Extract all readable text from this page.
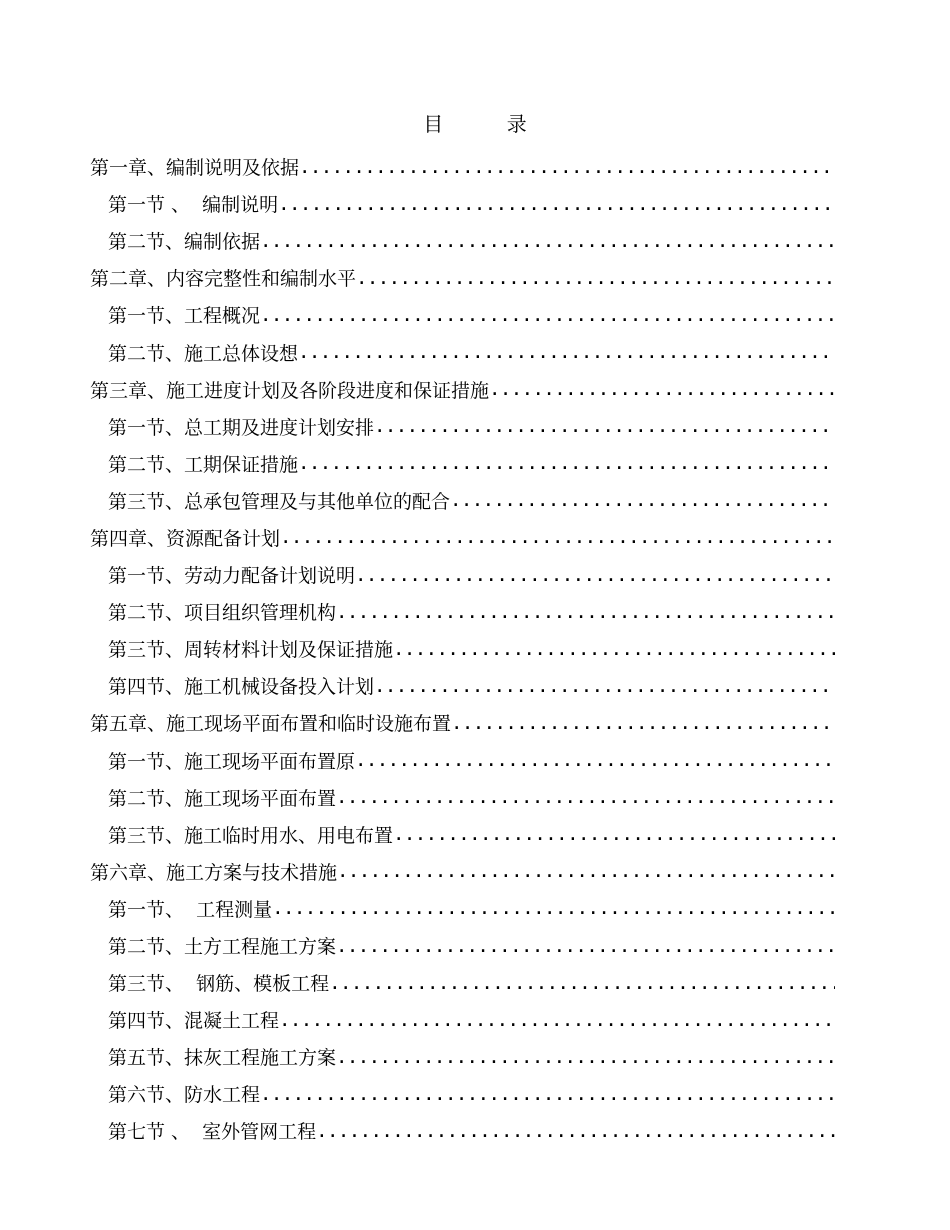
目          录
第一章、编制说明及依据
. . .
第一节 、  编制说明
. . .
第二节、编制依据
. . .
第二章、内容完整性和编制水平
. . .
第一节、工程概况
. . .
第二节、施工总体设想
. . .
第三章、施工进度计划及各阶段进度和保证措施
. . .
第一节、总工期及进度计划安排
. . .
第二节、工期保证措施
. . .
第三节、总承包管理及与其他单位的配合
. . .
第四章、资源配备计划
. . .
第一节、劳动力配备计划说明
. . .
第二节、项目组织管理机构
. . .
第三节、周转材料计划及保证措施
. . .
第四节、施工机械设备投入计划
. . .
第五章、施工现场平面布置和临时设施布置
. . .
第一节、施工现场平面布置原
. . .
第二节、施工现场平面布置
. . .
第三节、施工临时用水、用电布置
. . .
第六章、施工方案与技术措施
. . .
第一节、  工程测量
. . .
第二节、土方工程施工方案
. . .
第三节、  钢筋、模板工程
. . .
第四节、混凝土工程
. . .
第五节、抹灰工程施工方案
. . .
第六节、防水工程
. . .
第七节 、  室外管网工程
. . .
